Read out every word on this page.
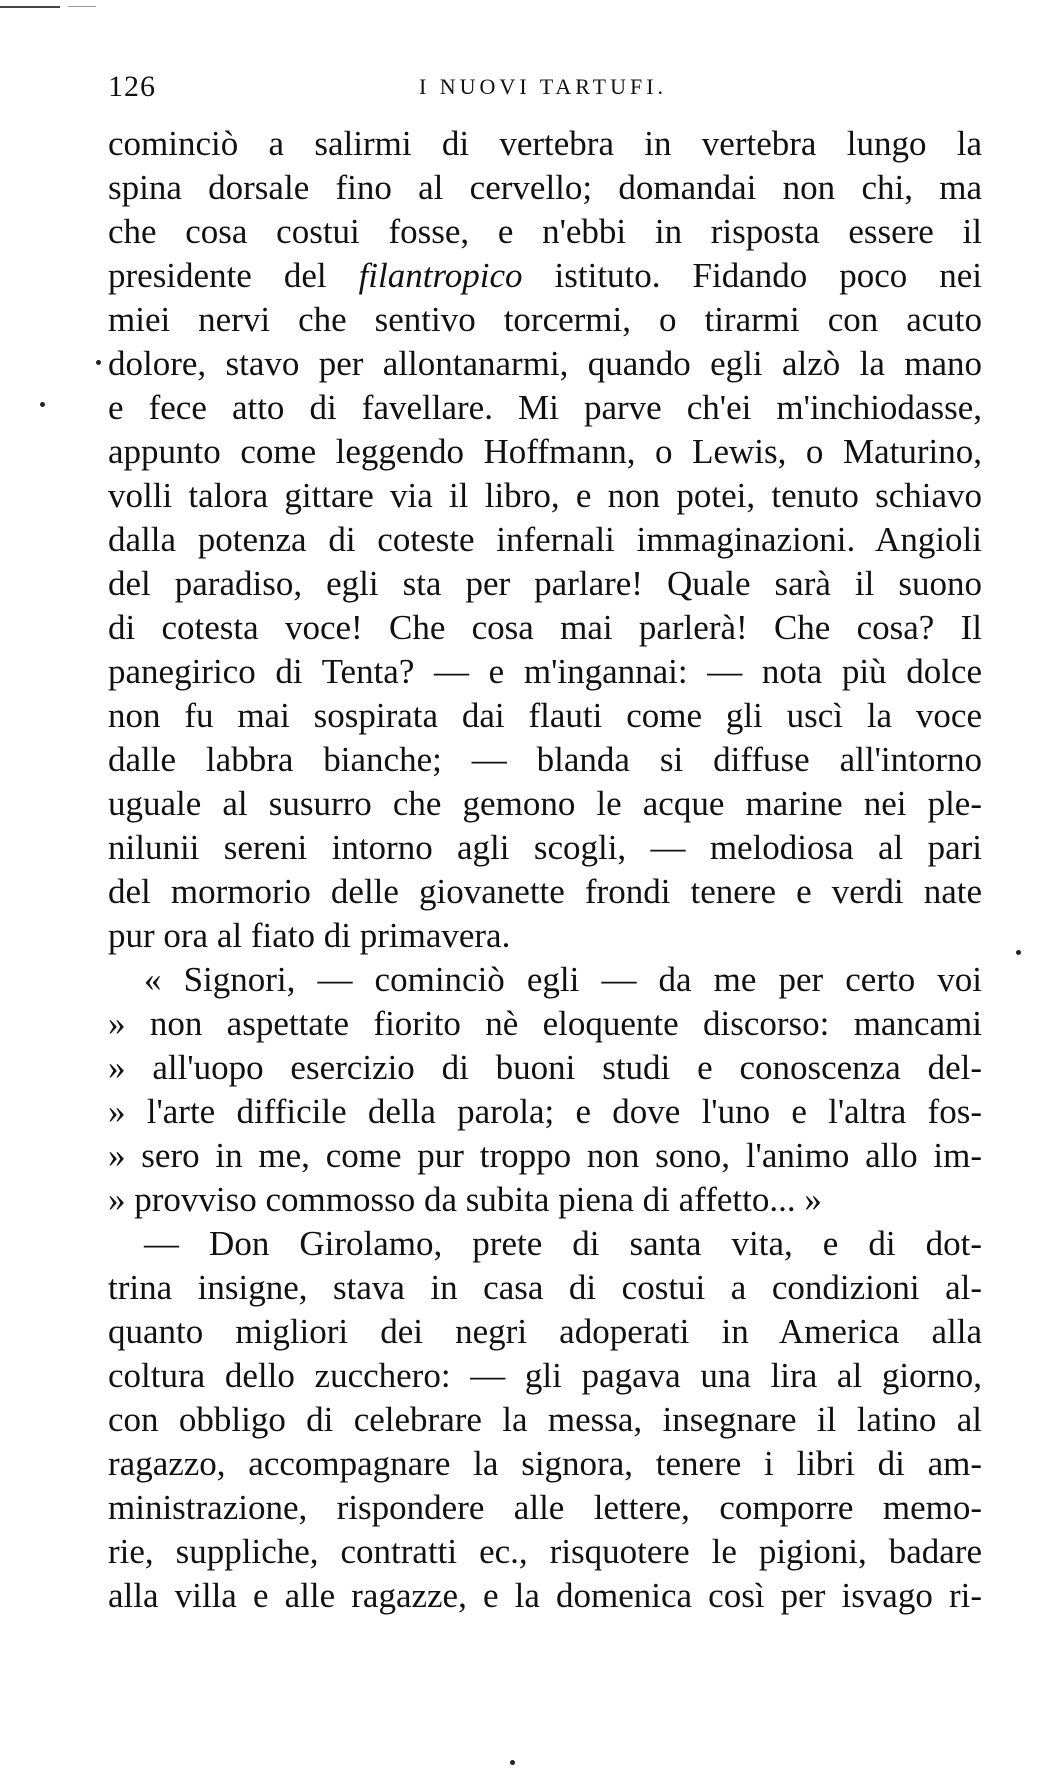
126	I NUOVI TARTUFI.
cominciò a salirmi di vertebra in vertebra lungo la
spina dorsale fino al cervello; domandai non chi, ma
che cosa costui fosse, e n'ebbi in risposta essere il
presidente del filantropico istituto. Fidando poco nei
miei nervi che sentivo torcermi, o tirarmi con acuto
dolore, stavo per allontanarmi, quando egli alzò la mano
e fece atto di favellare. Mi parve ch'ei m'inchiodasse,
appunto come leggendo Hoffmann, o Lewis, o Maturino,
volli talora gittare via il libro, e non potei, tenuto schiavo
dalla potenza di coteste infernali immaginazioni. Angioli
del paradiso, egli sta per parlare! Quale sarà il suono
di cotesta voce! Che cosa mai parlerà! Che cosa? Il
panegirico di Tenta? — e m'ingannai: — nota più dolce
non fu mai sospirata dai flauti come gli uscì la voce
dalle labbra bianche; — blanda si diffuse all'intorno
uguale al susurro che gemono le acque marine nei ple-
nilunii sereni intorno agli scogli, — melodiosa al pari
del mormorio delle giovanette frondi tenere e verdi nate
pur ora al fiato di primavera.
« Signori, — cominciò egli — da me per certo voi
» non aspettate fiorito nè eloquente discorso: mancami
» all'uopo esercizio di buoni studi e conoscenza del-
» l'arte difficile della parola; e dove l'uno e l'altra fos-
» sero in me, come pur troppo non sono, l'animo allo im-
» provviso commosso da subita piena di affetto... »
— Don Girolamo, prete di santa vita, e di dot-
trina insigne, stava in casa di costui a condizioni al-
quanto migliori dei negri adoperati in America alla
coltura dello zucchero: — gli pagava una lira al giorno,
con obbligo di celebrare la messa, insegnare il latino al
ragazzo, accompagnare la signora, tenere i libri di am-
ministrazione, rispondere alle lettere, comporre memo-
rie, suppliche, contratti ec., risquotere le pigioni, badare
alla villa e alle ragazze, e la domenica così per isvago ri-
